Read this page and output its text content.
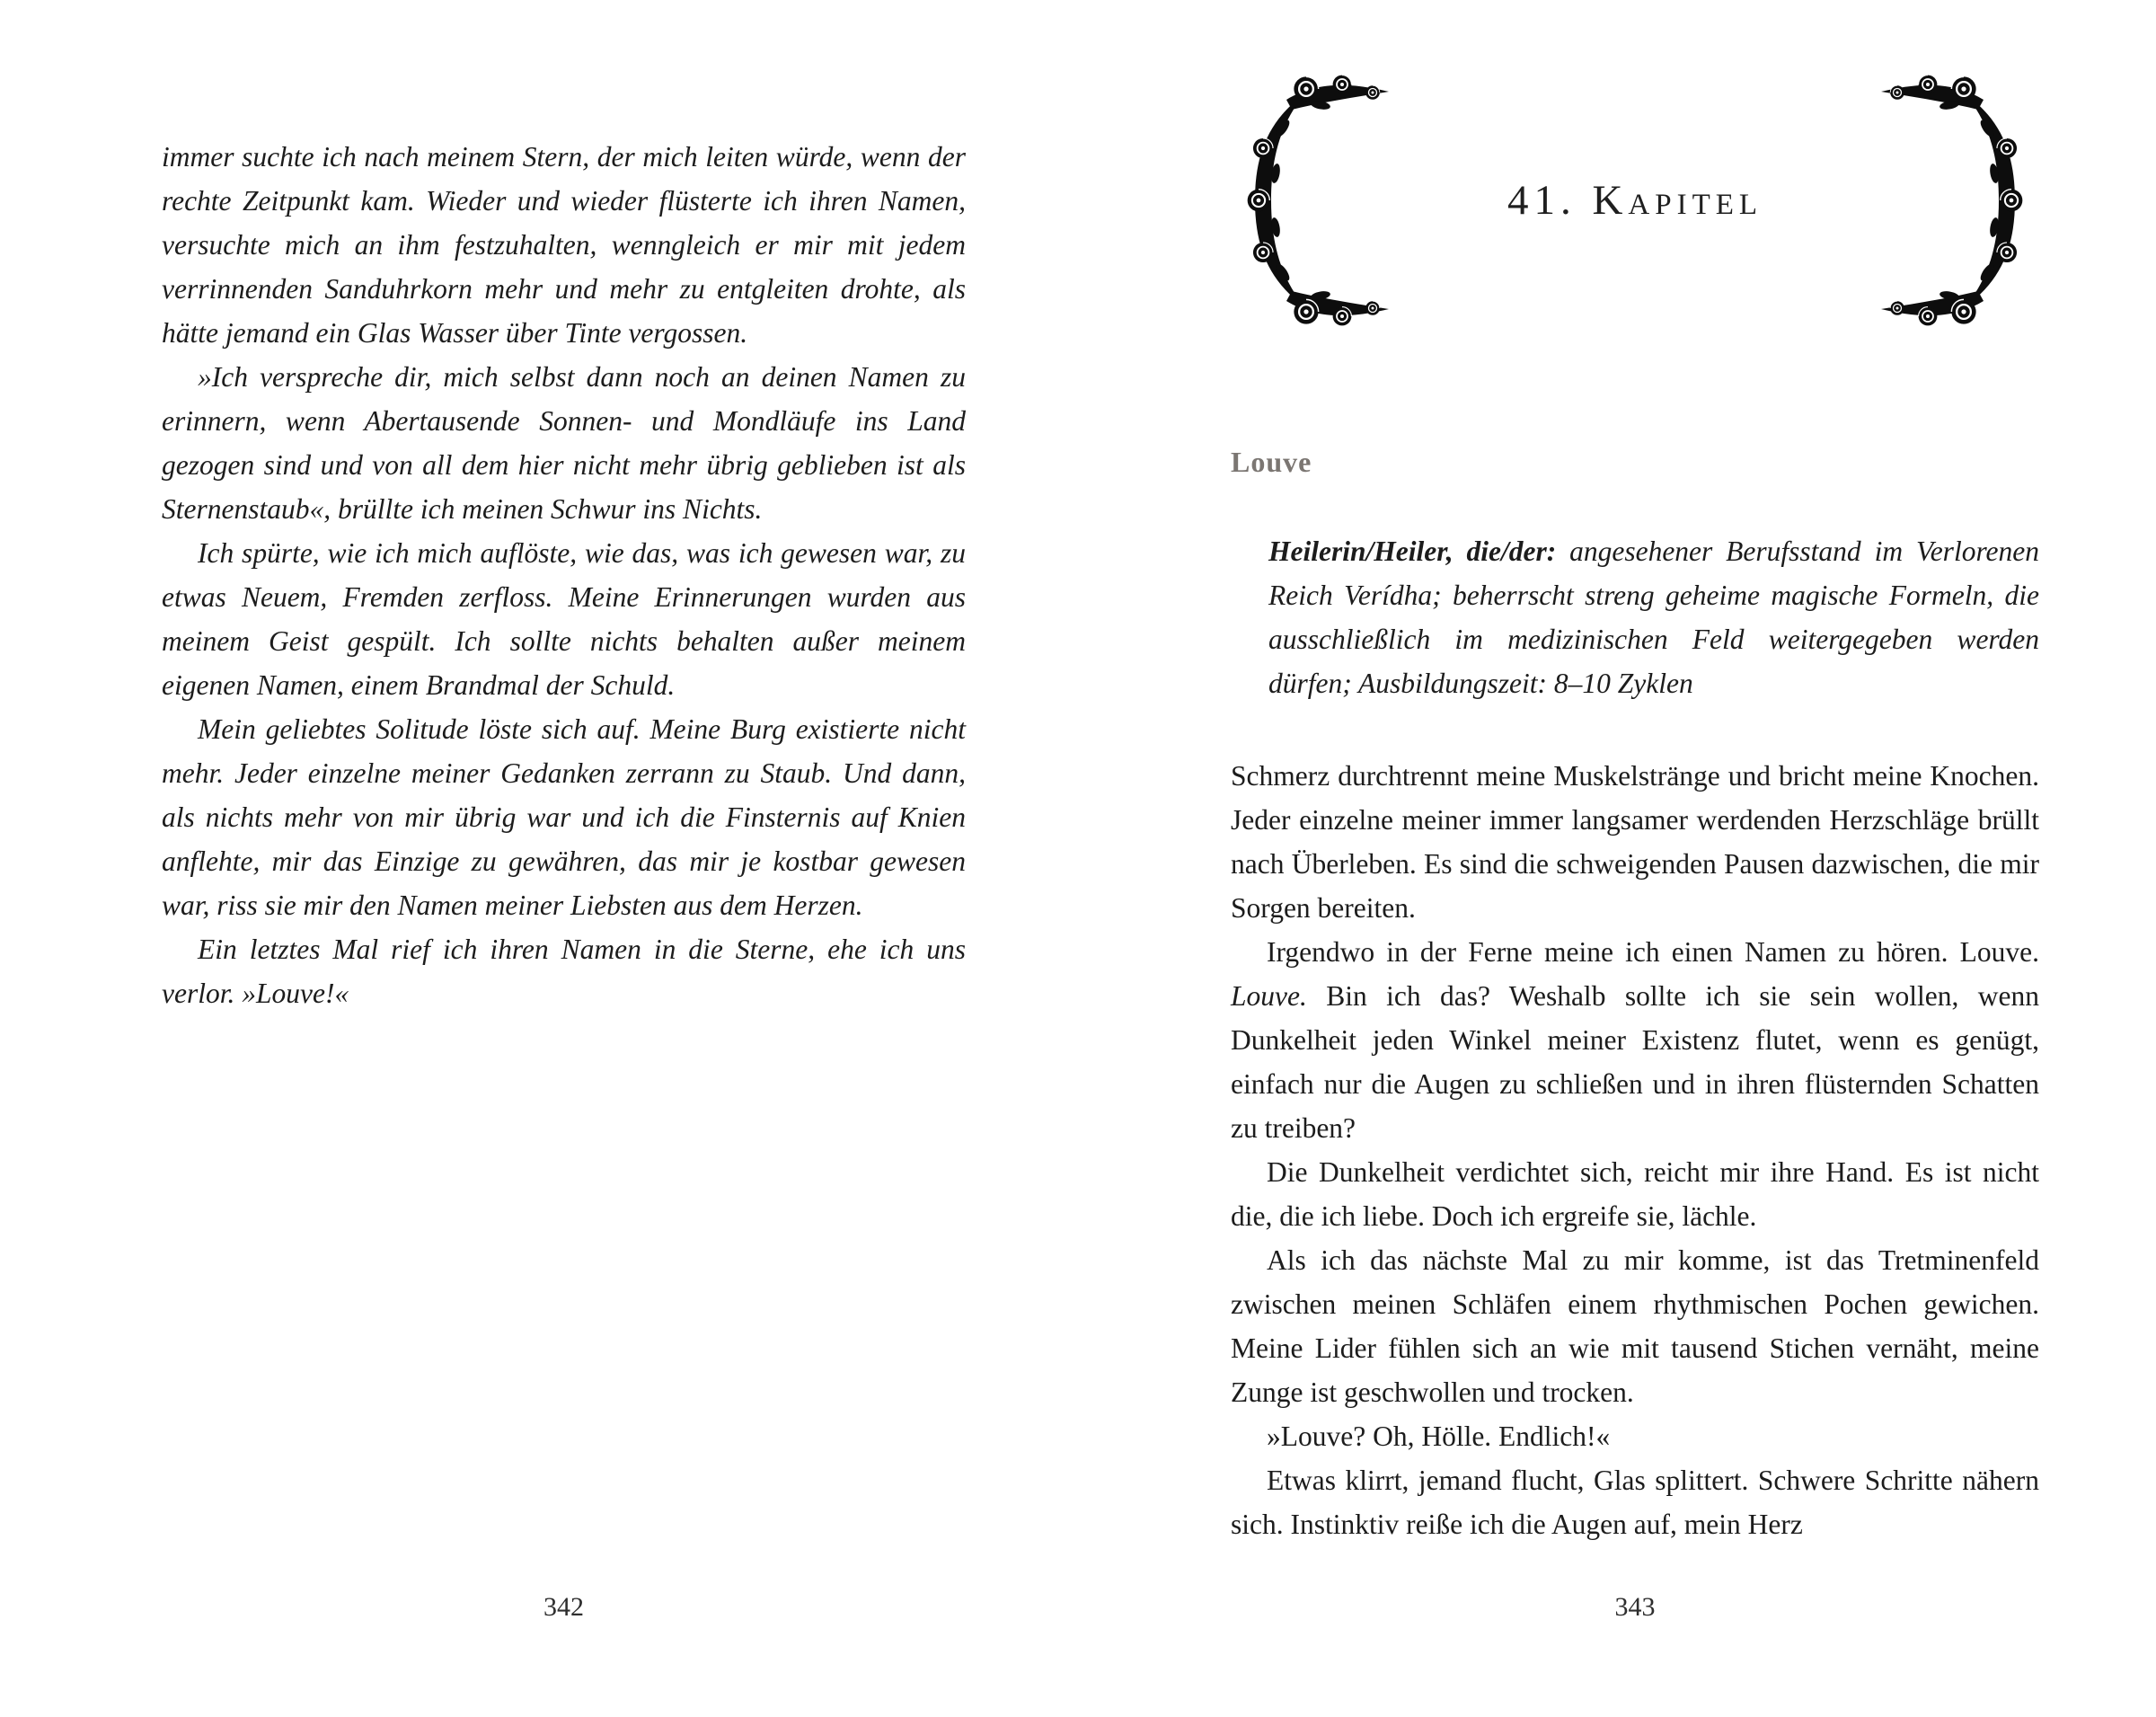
immer suchte ich nach meinem Stern, der mich leiten würde, wenn der rechte Zeitpunkt kam. Wieder und wieder flüsterte ich ihren Namen, versuchte mich an ihm festzuhalten, wenngleich er mir mit jedem verrinnenden Sanduhrkorn mehr und mehr zu entgleiten drohte, als hätte jemand ein Glas Wasser über Tinte vergossen.

»Ich verspreche dir, mich selbst dann noch an deinen Namen zu erinnern, wenn Abertausende Sonnen- und Mondläufe ins Land gezogen sind und von all dem hier nicht mehr übrig geblieben ist als Sternenstaub«, brüllte ich meinen Schwur ins Nichts.

Ich spürte, wie ich mich auflöste, wie das, was ich gewesen war, zu etwas Neuem, Fremden zerfloss. Meine Erinnerungen wurden aus meinem Geist gespült. Ich sollte nichts behalten außer meinem eigenen Namen, einem Brandmal der Schuld.

Mein geliebtes Solitude löste sich auf. Meine Burg existierte nicht mehr. Jeder einzelne meiner Gedanken zerrann zu Staub. Und dann, als nichts mehr von mir übrig war und ich die Finsternis auf Knien anflehte, mir das Einzige zu gewähren, das mir je kostbar gewesen war, riss sie mir den Namen meiner Liebsten aus dem Herzen.

Ein letztes Mal rief ich ihren Namen in die Sterne, ehe ich uns verlor. »Louve!«

342
41. Kapitel
Louve

Heilerin/Heiler, die/der: angesehener Berufsstand im Verlorenen Reich Verídha; beherrscht streng geheime magische Formeln, die ausschließlich im medizinischen Feld weitergegeben werden dürfen; Ausbildungszeit: 8–10 Zyklen

Schmerz durchtrennt meine Muskelstränge und bricht meine Knochen. Jeder einzelne meiner immer langsamer werdenden Herzschläge brüllt nach Überleben. Es sind die schweigenden Pausen dazwischen, die mir Sorgen bereiten.

Irgendwo in der Ferne meine ich einen Namen zu hören. Louve. Louve. Bin ich das? Weshalb sollte ich sie sein wollen, wenn Dunkelheit jeden Winkel meiner Existenz flutet, wenn es genügt, einfach nur die Augen zu schließen und in ihren flüsternden Schatten zu treiben?

Die Dunkelheit verdichtet sich, reicht mir ihre Hand. Es ist nicht die, die ich liebe. Doch ich ergreife sie, lächle.

Als ich das nächste Mal zu mir komme, ist das Tretminenfeld zwischen meinen Schläfen einem rhythmischen Pochen gewichen. Meine Lider fühlen sich an wie mit tausend Stichen vernäht, meine Zunge ist geschwollen und trocken.

»Louve? Oh, Hölle. Endlich!«

Etwas klirrt, jemand flucht, Glas splittert. Schwere Schritte nähern sich. Instinktiv reiße ich die Augen auf, mein Herz

343
